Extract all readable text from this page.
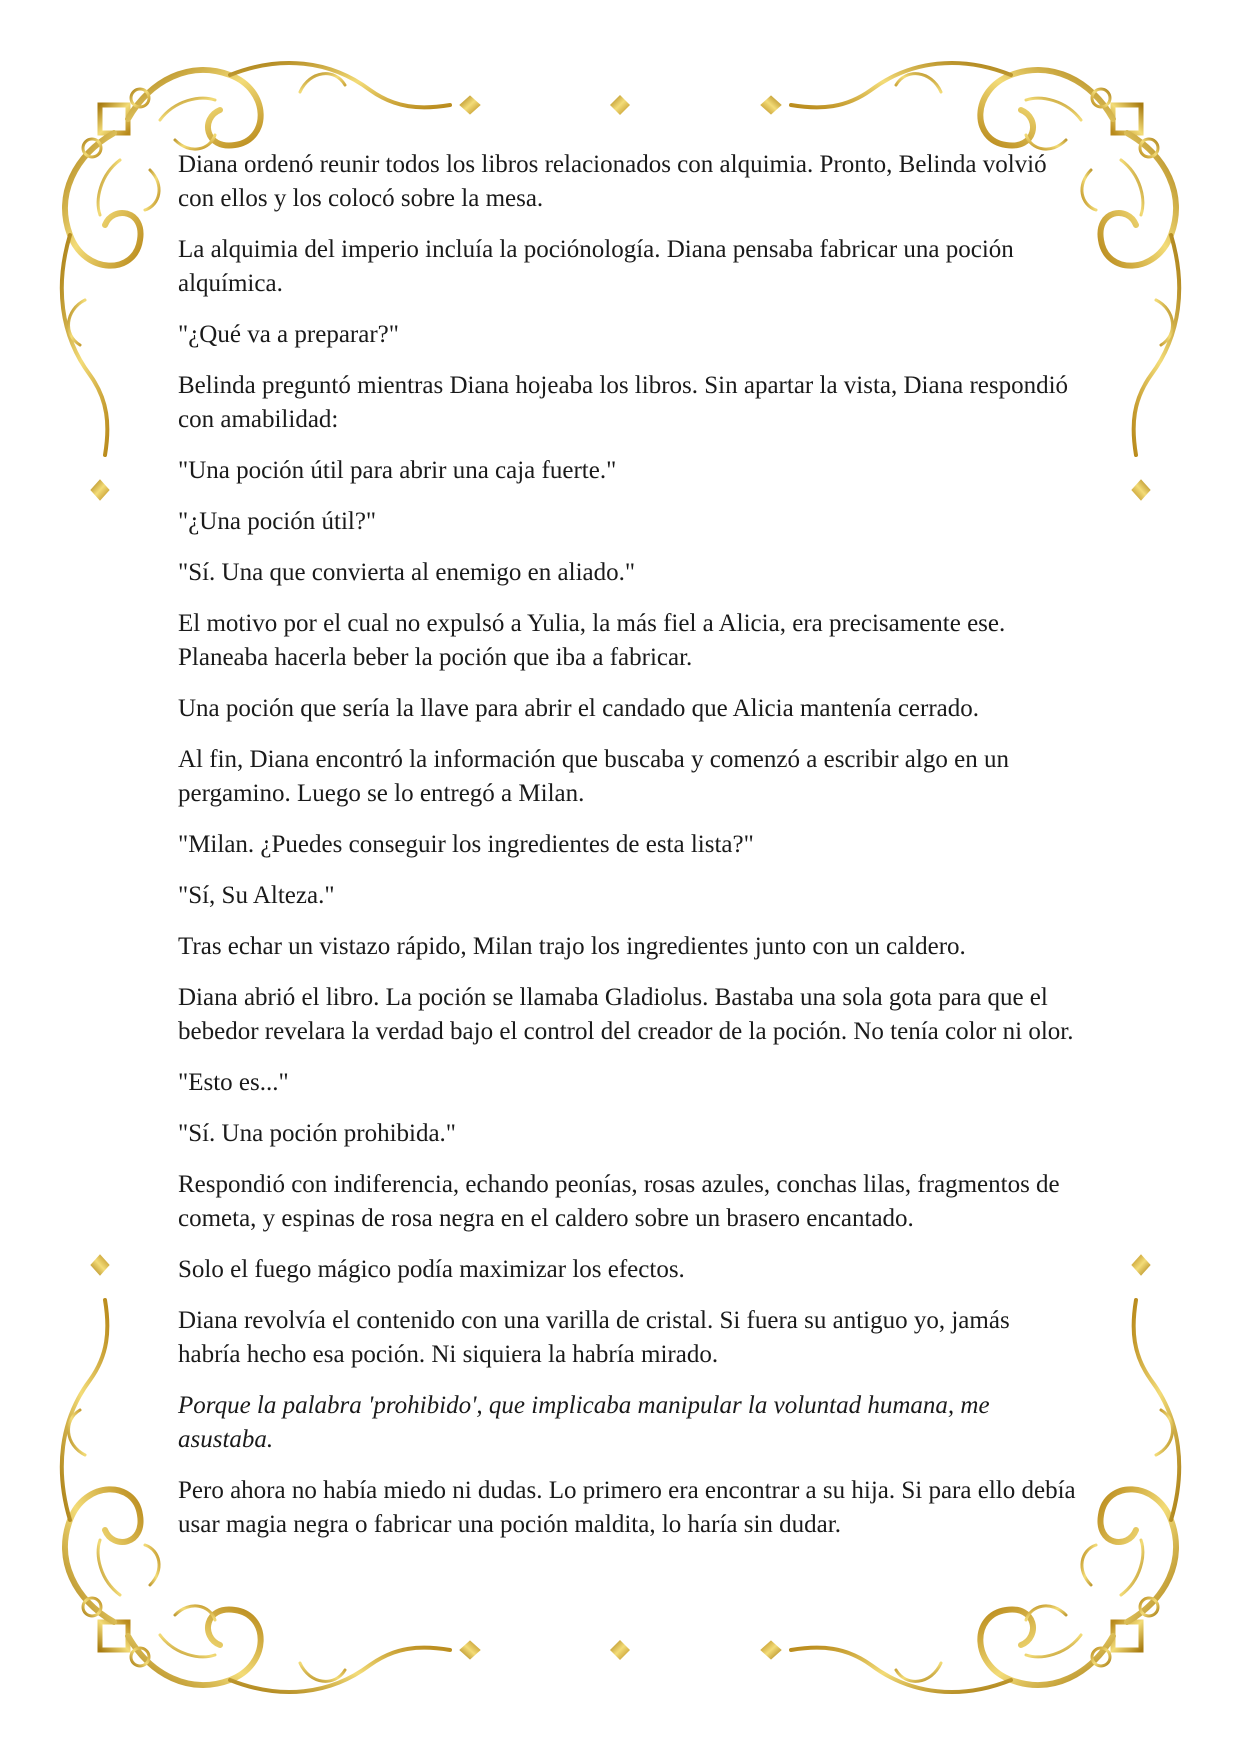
Diana ordenó reunir todos los libros relacionados con alquimia. Pronto, Belinda volvió con ellos y los colocó sobre la mesa.

La alquimia del imperio incluía la pociónología. Diana pensaba fabricar una poción alquímica.

"¿Qué va a preparar?"

Belinda preguntó mientras Diana hojeaba los libros. Sin apartar la vista, Diana respondió con amabilidad:

"Una poción útil para abrir una caja fuerte."

"¿Una poción útil?"

"Sí. Una que convierta al enemigo en aliado."

El motivo por el cual no expulsó a Yulia, la más fiel a Alicia, era precisamente ese. Planeaba hacerla beber la poción que iba a fabricar.

Una poción que sería la llave para abrir el candado que Alicia mantenía cerrado.

Al fin, Diana encontró la información que buscaba y comenzó a escribir algo en un pergamino. Luego se lo entregó a Milan.

"Milan. ¿Puedes conseguir los ingredientes de esta lista?"

"Sí, Su Alteza."

Tras echar un vistazo rápido, Milan trajo los ingredientes junto con un caldero.

Diana abrió el libro. La poción se llamaba Gladiolus. Bastaba una sola gota para que el bebedor revelara la verdad bajo el control del creador de la poción. No tenía color ni olor.

"Esto es..."

"Sí. Una poción prohibida."

Respondió con indiferencia, echando peonías, rosas azules, conchas lilas, fragmentos de cometa, y espinas de rosa negra en el caldero sobre un brasero encantado.

Solo el fuego mágico podía maximizar los efectos.

Diana revolvía el contenido con una varilla de cristal. Si fuera su antiguo yo, jamás habría hecho esa poción. Ni siquiera la habría mirado.

Porque la palabra 'prohibido', que implicaba manipular la voluntad humana, me asustaba.

Pero ahora no había miedo ni dudas. Lo primero era encontrar a su hija. Si para ello debía usar magia negra o fabricar una poción maldita, lo haría sin dudar.
